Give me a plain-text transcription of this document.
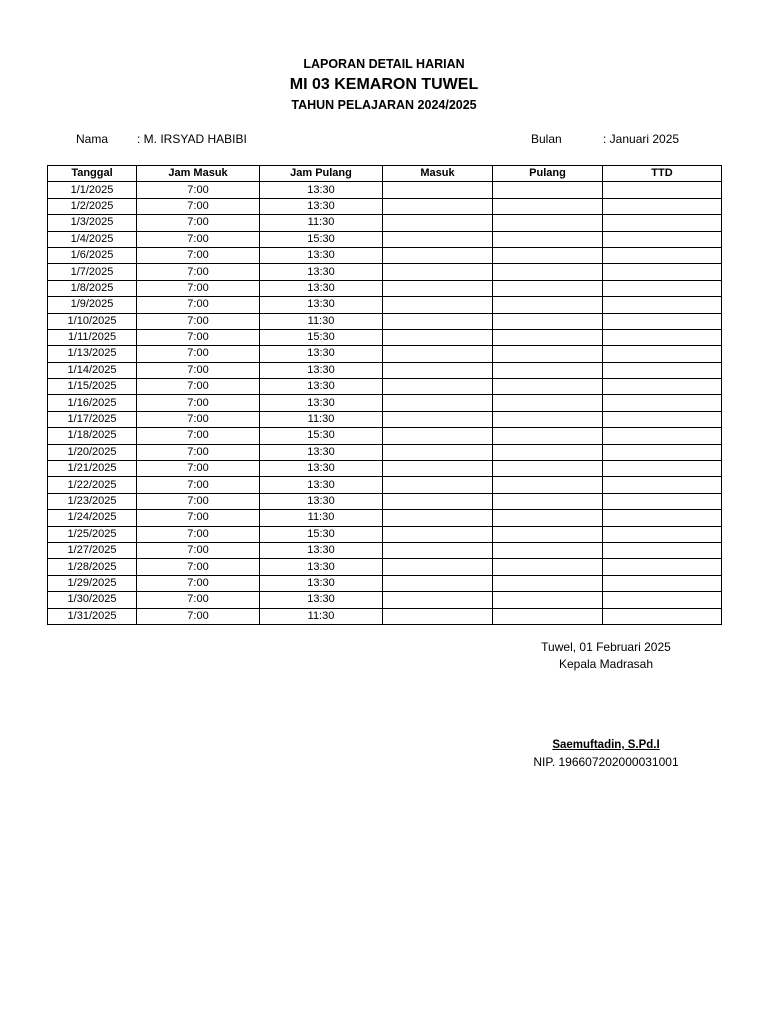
LAPORAN DETAIL HARIAN
MI 03 KEMARON TUWEL
TAHUN PELAJARAN 2024/2025
Nama : M. IRSYAD HABIBI	Bulan	: Januari 2025
Tanggal	Jam Masuk	Jam Pulang	Masuk	Pulang	TTD
1/1/2025	7:00	13:30			
1/2/2025	7:00	13:30			
1/3/2025	7:00	11:30			
1/4/2025	7:00	15:30			
1/6/2025	7:00	13:30			
1/7/2025	7:00	13:30			
1/8/2025	7:00	13:30			
1/9/2025	7:00	13:30			
1/10/2025	7:00	11:30			
1/11/2025	7:00	15:30			
1/13/2025	7:00	13:30			
1/14/2025	7:00	13:30			
1/15/2025	7:00	13:30			
1/16/2025	7:00	13:30			
1/17/2025	7:00	11:30			
1/18/2025	7:00	15:30			
1/20/2025	7:00	13:30			
1/21/2025	7:00	13:30			
1/22/2025	7:00	13:30			
1/23/2025	7:00	13:30			
1/24/2025	7:00	11:30			
1/25/2025	7:00	15:30			
1/27/2025	7:00	13:30			
1/28/2025	7:00	13:30			
1/29/2025	7:00	13:30			
1/30/2025	7:00	13:30			
1/31/2025	7:00	11:30			
Tuwel, 01 Februari 2025
Kepala Madrasah
Saemuftadin, S.Pd.I
NIP. 196607202000031001
